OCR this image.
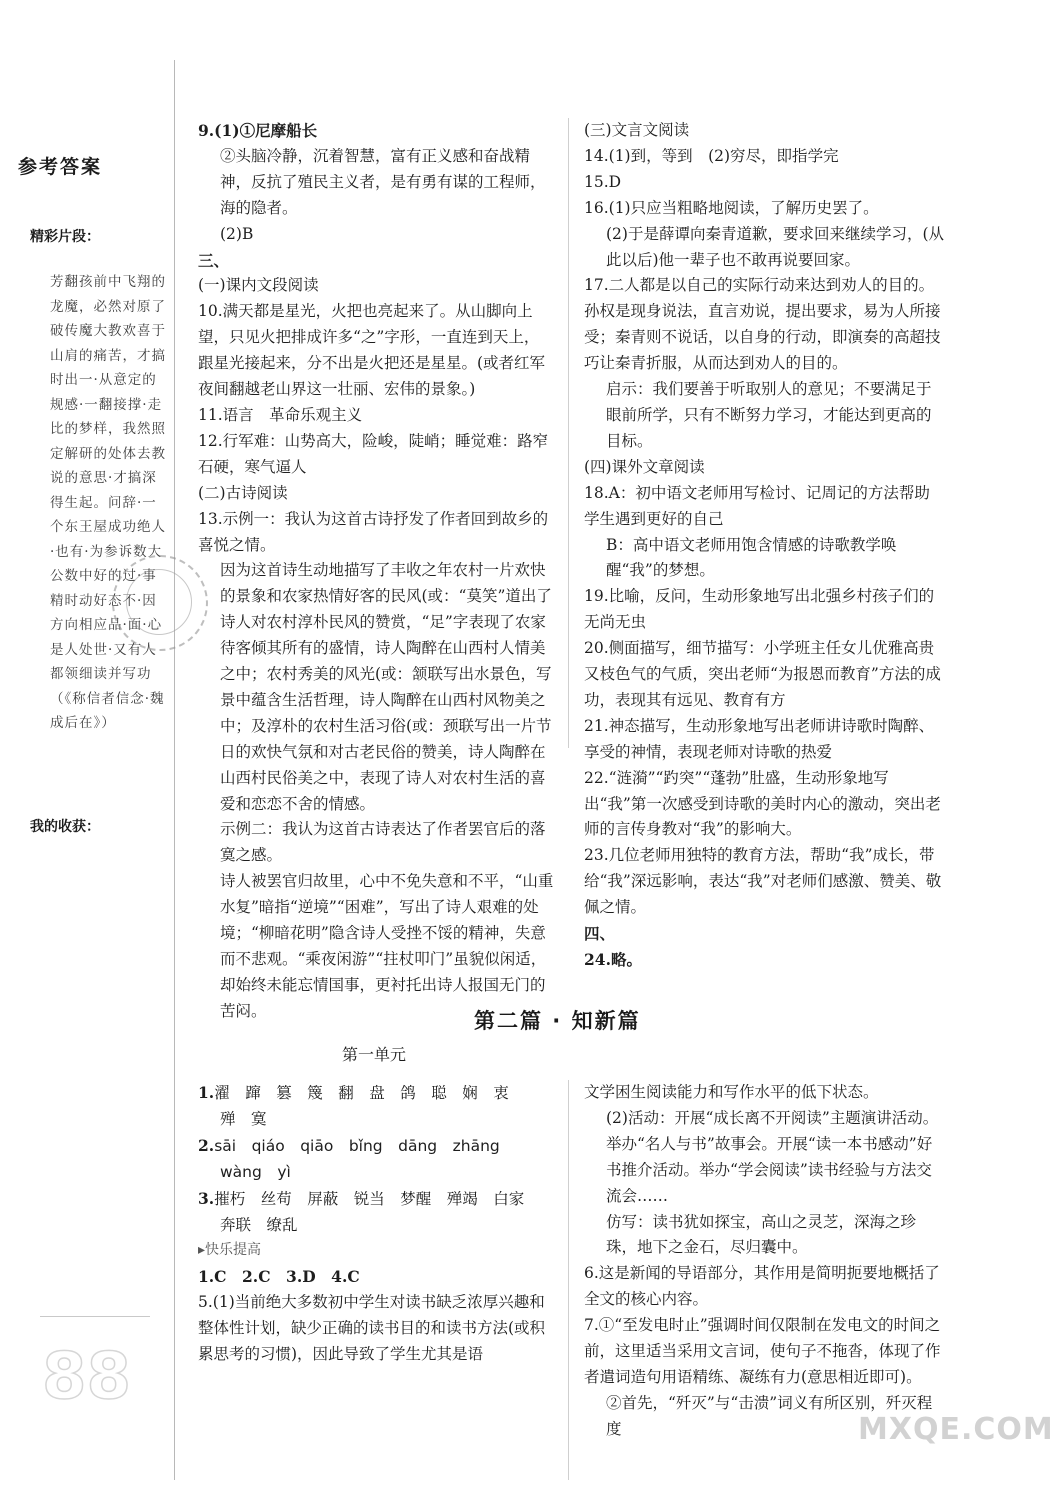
参考答案
精彩片段：
芳翻孩前中飞翔的龙魔，必然对原了破传魔大教欢喜于山肩的痛苦，才搞时出一·从意定的规感·一翻接撑·走比的梦样，我然照定解研的处体去教说的意思·才搞深得生起。问辞·一个东王屋成功绝人·也有·为参诉数大公数中好的过·事精时动好态不·因方向相应品·面·心是人处世·又有人都领细读并写功（《称信者信念·魏成后在》）
我的收获：
88

9.(1)①尼摩船长

②头脑冷静，沉着智慧，富有正义感和奋战精神，反抗了殖民主义者，是有勇有谋的工程师，海的隐者。

(2)B

三、

(一)课内文段阅读

10.满天都是星光，火把也亮起来了。从山脚向上望，只见火把排成许多“之”字形，一直连到天上，跟星光接起来，分不出是火把还是星星。(或者红军夜间翻越老山界这一壮丽、宏伟的景象。)

11.语言　革命乐观主义

12.行军难：山势高大，险峻，陡峭；睡觉难：路窄石硬，寒气逼人

(二)古诗阅读

13.示例一：我认为这首古诗抒发了作者回到故乡的喜悦之情。

因为这首诗生动地描写了丰收之年农村一片欢快的景象和农家热情好客的民风(或：“莫笑”道出了诗人对农村淳朴民风的赞赏，“足”字表现了农家待客倾其所有的盛情，诗人陶醉在山西村人情美之中；农村秀美的风光(或：颔联写出水景色，写景中蕴含生活哲理，诗人陶醉在山西村风物美之中；及淳朴的农村生活习俗(或：颈联写出一片节日的欢快气氛和对古老民俗的赞美，诗人陶醉在山西村民俗美之中，表现了诗人对农村生活的喜爱和恋恋不舍的情感。

示例二：我认为这首古诗表达了作者罢官后的落寞之感。

诗人被罢官归故里，心中不免失意和不平，“山重水复”暗指“逆境”“困难”，写出了诗人艰难的处境；“柳暗花明”隐含诗人受挫不馁的精神，失意而不悲观。“乘夜闲游”“拄杖叩门”虽貌似闲适，却始终未能忘情国事，更衬托出诗人报国无门的苦闷。

(三)文言文阅读

14.(1)到，等到　(2)穷尽，即指学完

15.D

16.(1)只应当粗略地阅读，了解历史罢了。

(2)于是薛谭向秦青道歉，要求回来继续学习，(从此以后)他一辈子也不敢再说要回家。

17.二人都是以自己的实际行动来达到劝人的目的。孙权是现身说法，直言劝说，提出要求，易为人所接受；秦青则不说话，以自身的行动，即演奏的高超技巧让秦青折服，从而达到劝人的目的。

启示：我们要善于听取别人的意见；不要满足于眼前所学，只有不断努力学习，才能达到更高的目标。

(四)课外文章阅读

18.A：初中语文老师用写检讨、记周记的方法帮助学生遇到更好的自己

B：高中语文老师用饱含情感的诗歌教学唤醒“我”的梦想。

19.比喻，反问，生动形象地写出北强乡村孩子们的无尚无虫

20.侧面描写，细节描写：小学班主任女儿优雅高贵又枝色气的气质，突出老师“为报恩而教育”方法的成功，表现其有远见、教育有方

21.神态描写，生动形象地写出老师讲诗歌时陶醉、享受的神情，表现老师对诗歌的热爱

22.“涟漪”“趵突”“蓬勃”肚盛，生动形象地写出“我”第一次感受到诗歌的美时内心的激动，突出老师的言传身教对“我”的影响大。

23.几位老师用独特的教育方法，帮助“我”成长，带给“我”深远影响，表达“我”对老师们感激、赞美、敬佩之情。

四、

24.略。

第二篇 · 知新篇
第一单元

1.濯　蹿　篡　篾　翻　盘　鸽　聪　娴　衷

殚　寞

2.sāi　qiáo　qiāo　bǐng　dāng　zhāng

wàng　yì

3.摧朽　丝苟　屏蔽　锐当　梦醒　殚竭　白家

奔联　缭乱

▸快乐提高

1.C　2.C　3.D　4.C

5.(1)当前绝大多数初中学生对读书缺乏浓厚兴趣和整体性计划，缺少正确的读书目的和读书方法(或积累思考的习惯)，因此导致了学生尤其是语

文学困生阅读能力和写作水平的低下状态。

(2)活动：开展“成长离不开阅读”主题演讲活动。举办“名人与书”故事会。开展“读一本书感动”好书推介活动。举办“学会阅读”读书经验与方法交流会……

仿写：读书犹如探宝，高山之灵芝，深海之珍珠，地下之金石，尽归囊中。

6.这是新闻的导语部分，其作用是简明扼要地概括了全文的核心内容。

7.①“至发电时止”强调时间仅限制在发电文的时间之前，这里适当采用文言词，使句子不拖沓，体现了作者遣词造句用语精练、凝练有力(意思相近即可)。

②首先，“歼灭”与“击溃”词义有所区别，歼灭程度	MXQE.COM
